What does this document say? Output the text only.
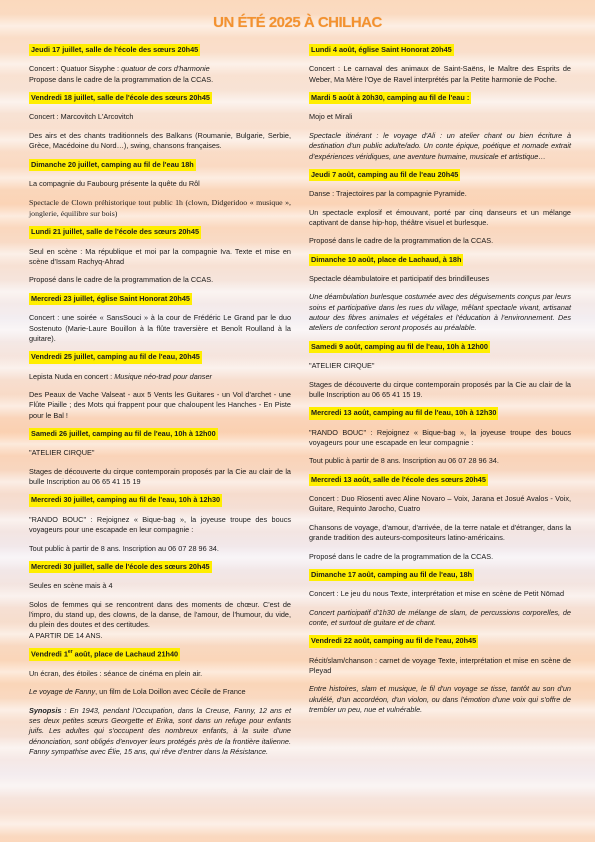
UN ÉTÉ 2025 À CHILHAC
Jeudi 17 juillet, salle de l'école des sœurs 20h45

Concert : Quatuor Sisyphe : quatuor de cors d'harmonie
Propose dans le cadre de la programmation de la CCAS.

Vendredi 18 juillet, salle de l'école des sœurs 20h45

Concert : Marcovitch L'Arcovitch

Des airs et des chants traditionnels des Balkans (Roumanie, Bulgarie, Serbie, Grèce, Macédoine du Nord…), swing, chansons françaises.

Dimanche 20 juillet, camping au fil de l'eau 18h

La compagnie du Faubourg présente la quête du Rôl

Spectacle de Clown préhistorique tout public 1h (clown, Didgeridoo « musique », jonglerie, équilibre sur bois)

Lundi 21 juillet, salle de l'école des sœurs 20h45

Seul en scène : Ma république et moi par la compagnie Iva. Texte et mise en scène d'Issam Rachyq-Ahrad

Proposé dans le cadre de la programmation de la CCAS.

Mercredi 23 juillet, église Saint Honorat 20h45

Concert : une soirée « SansSouci » à la cour de Frédéric Le Grand par le duo Sostenuto (Marie-Laure Bouillon à la flûte traversière et Benoît Roulland à la guitare).

Vendredi 25 juillet, camping au fil de l'eau, 20h45

Lepista Nuda en concert : Musique néo-trad pour danser

Des Peaux de Vache Valseat - aux 5 Vents les Guitares - un Vol d'archet - une Flûte Piaille ; des Mots qui frappent pour que chaloupent les Hanches - En Piste pour le Bal !

Samedi 26 juillet, camping au fil de l'eau, 10h à 12h00

"ATELIER CIRQUE"

Stages de découverte du cirque contemporain proposés par la Cie au clair de la bulle Inscription au 06 65 41 15 19

Mercredi 30 juillet, camping au fil de l'eau, 10h à 12h30

"RANDO BOUC" : Rejoignez « Bique-bag », la joyeuse troupe des boucs voyageurs pour une escapade en leur compagnie :

Tout public à partir de 8 ans. Inscription au 06 07 28 96 34.

Mercredi 30 juillet, salle de l'école des sœurs 20h45

Seules en scène mais à 4

Solos de femmes qui se rencontrent dans des moments de chœur. C'est de l'impro, du stand up, des clowns, de la danse, de l'amour, de l'humour, du vide, du plein des doutes et des certitudes.
A PARTIR DE 14 ANS.

Vendredi 1er août, place de Lachaud 21h40

Un écran, des étoiles : séance de cinéma en plein air.

Le voyage de Fanny, un film de Lola Doillon avec Cécile de France

Synopsis : En 1943, pendant l'Occupation, dans la Creuse, Fanny, 12 ans et ses deux petites sœurs Georgette et Erika, sont dans un refuge pour enfants juifs. Les adultes qui s'occupent des nombreux enfants, à la suite d'une dénonciation, sont obligés d'envoyer leurs protégés près de la frontière italienne. Fanny sympathise avec Élie, 15 ans, qui rêve d'entrer dans la Résistance.

Lundi 4 août, église Saint Honorat 20h45

Concert : Le carnaval des animaux de Saint-Saëns, le Maître des Esprits de Weber, Ma Mère l'Oye de Ravel interprétés par la Petite harmonie de Poche.

Mardi 5 août à 20h30, camping au fil de l'eau :

Mojo et Mirali

Spectacle itinérant : le voyage d'Ali : un atelier chant ou bien écriture à destination d'un public adulte/ado. Un conte épique, poétique et nomade extrait d'expériences véridiques, une aventure humaine, musicale et artistique…

Jeudi 7 août, camping au fil de l'eau 20h45

Danse : Trajectoires par la compagnie Pyramide.

Un spectacle explosif et émouvant, porté par cinq danseurs et un mélange captivant de danse hip-hop, théâtre visuel et burlesque.

Proposé dans le cadre de la programmation de la CCAS.

Dimanche 10 août, place de Lachaud, à 18h

Spectacle déambulatoire et participatif des brindilleuses

Une déambulation burlesque costumée avec des déguisements conçus par leurs soins et participative dans les rues du village, mêlant spectacle vivant, artisanat autour des fibres animales et végétales et l'éducation à l'environnement. Des ateliers de confection seront proposés au préalable.

Samedi 9 août, camping au fil de l'eau, 10h à 12h00

"ATELIER CIRQUE"

Stages de découverte du cirque contemporain proposés par la Cie au clair de la bulle Inscription au 06 65 41 15 19.

Mercredi 13 août, camping au fil de l'eau, 10h à 12h30

"RANDO BOUC" : Rejoignez « Bique-bag », la joyeuse troupe des boucs voyageurs pour une escapade en leur compagnie :

Tout public à partir de 8 ans. Inscription au 06 07 28 96 34.

Mercredi 13 août, salle de l'école des sœurs 20h45

Concert : Duo Riosenti avec Aline Novaro – Voix, Jarana et Josué Avalos - Voix, Guitare, Requinto Jarocho, Cuatro

Chansons de voyage, d'amour, d'arrivée, de la terre natale et d'étranger, dans la grande tradition des auteurs-compositeurs latino-américains.

Proposé dans le cadre de la programmation de la CCAS.

Dimanche 17 août, camping au fil de l'eau, 18h

Concert : Le jeu du nous Texte, interprétation et mise en scène de Petit Nōmad

Concert participatif d'1h30 de mélange de slam, de percussions corporelles, de conte, et surtout de guitare et de chant.

Vendredi 22 août, camping au fil de l'eau, 20h45

Récit/slam/chanson : carnet de voyage Texte, interprétation et mise en scène de Pleyad

Entre histoires, slam et musique, le fil d'un voyage se tisse, tantôt au son d'un ukulélé, d'un accordéon, d'un violon, ou dans l'émotion d'une voix qui s'offre de trembler un peu, nue et vulnérable.
